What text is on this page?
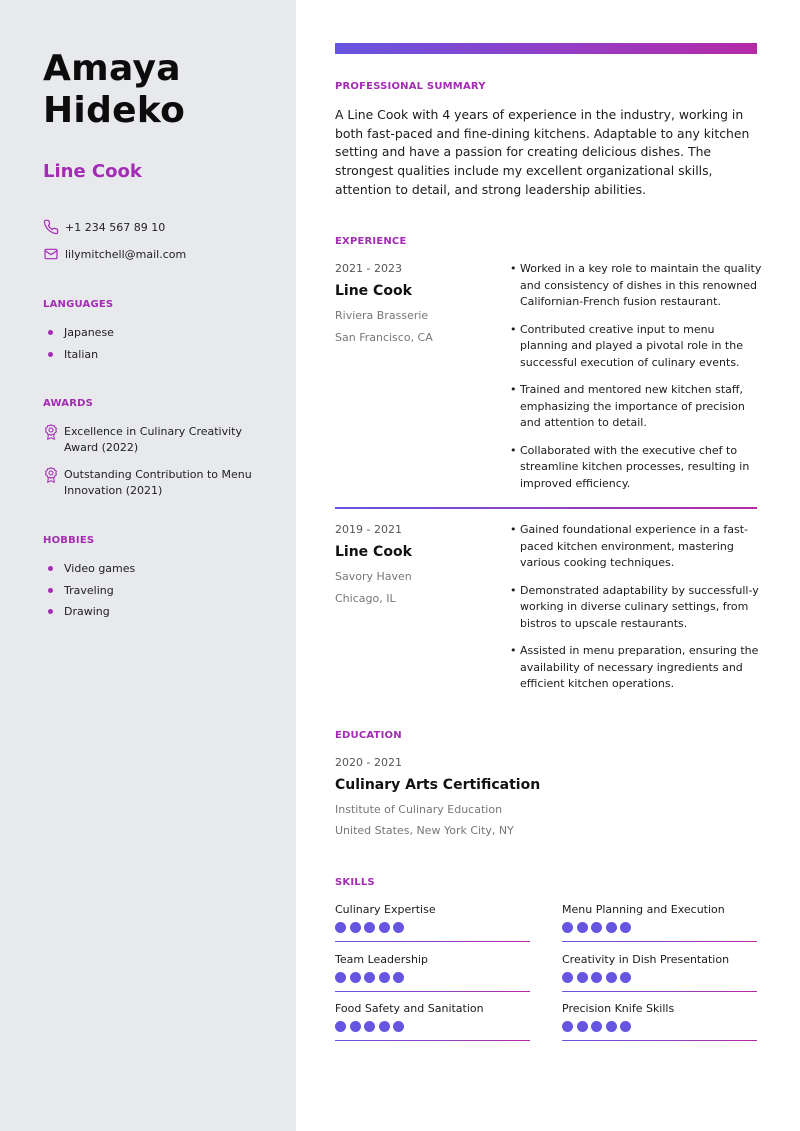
Amaya
Hideko
Line Cook
+1 234 567 89 10
lilymitchell@mail.com
LANGUAGES
Japanese
Italian
AWARDS
Excellence in Culinary Creativity Award (2022)
Outstanding Contribution to Menu Innovation (2021)
HOBBIES
Video games
Traveling
Drawing
PROFESSIONAL SUMMARY
A Line Cook with 4 years of experience in the industry, working in both fast-paced and fine-dining kitchens. Adaptable to any kitchen setting and have a passion for creating delicious dishes. The strongest qualities include my excellent organizational skills, attention to detail, and strong leadership abilities.
EXPERIENCE
2021 - 2023
Line Cook
Riviera Brasserie
San Francisco, CA
• Worked in a key role to maintain the quality and consistency of dishes in this renowned Californian-French fusion restaurant.
• Contributed creative input to menu planning and played a pivotal role in the successful execution of culinary events.
• Trained and mentored new kitchen staff, emphasizing the importance of precision and attention to detail.
• Collaborated with the executive chef to streamline kitchen processes, resulting in improved efficiency.
2019 - 2021
Line Cook
Savory Haven
Chicago, IL
• Gained foundational experience in a fast-paced kitchen environment, mastering various cooking techniques.
• Demonstrated adaptability by successfull-y working in diverse culinary settings, from bistros to upscale restaurants.
• Assisted in menu preparation, ensuring the availability of necessary ingredients and efficient kitchen operations.
EDUCATION
2020 - 2021
Culinary Arts Certification
Institute of Culinary Education
United States, New York City, NY
SKILLS
Culinary Expertise	Menu Planning and Execution
Team Leadership	Creativity in Dish Presentation
Food Safety and Sanitation	Precision Knife Skills
